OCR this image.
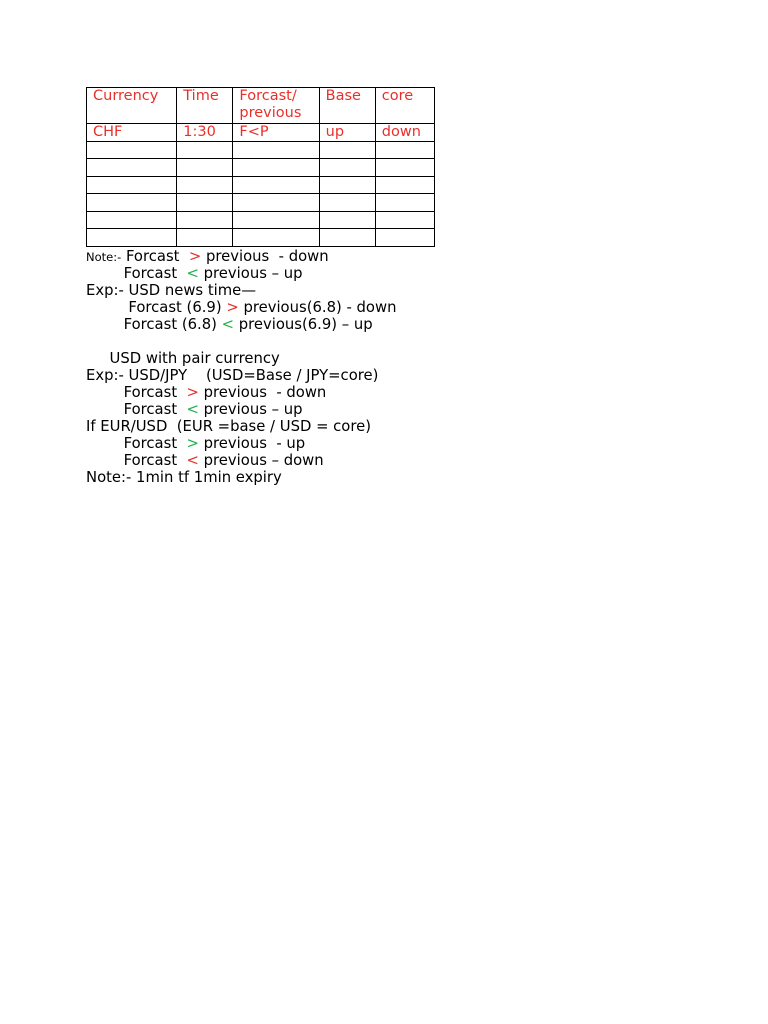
Currency	Time	Forcast/ previous	Base	core
CHF	1:30	F<P	up	down

Note:- Forcast  > previous  - down
Forcast  < previous – up
Exp:- USD news time—
Forcast (6.9) > previous(6.8) - down
Forcast (6.8) < previous(6.9) – up
USD with pair currency
Exp:- USD/JPY    (USD=Base / JPY=core)
Forcast  > previous  - down
Forcast  < previous – up
If EUR/USD  (EUR =base / USD = core)
Forcast  > previous  - up
Forcast  < previous – down
Note:- 1min tf 1min expiry
